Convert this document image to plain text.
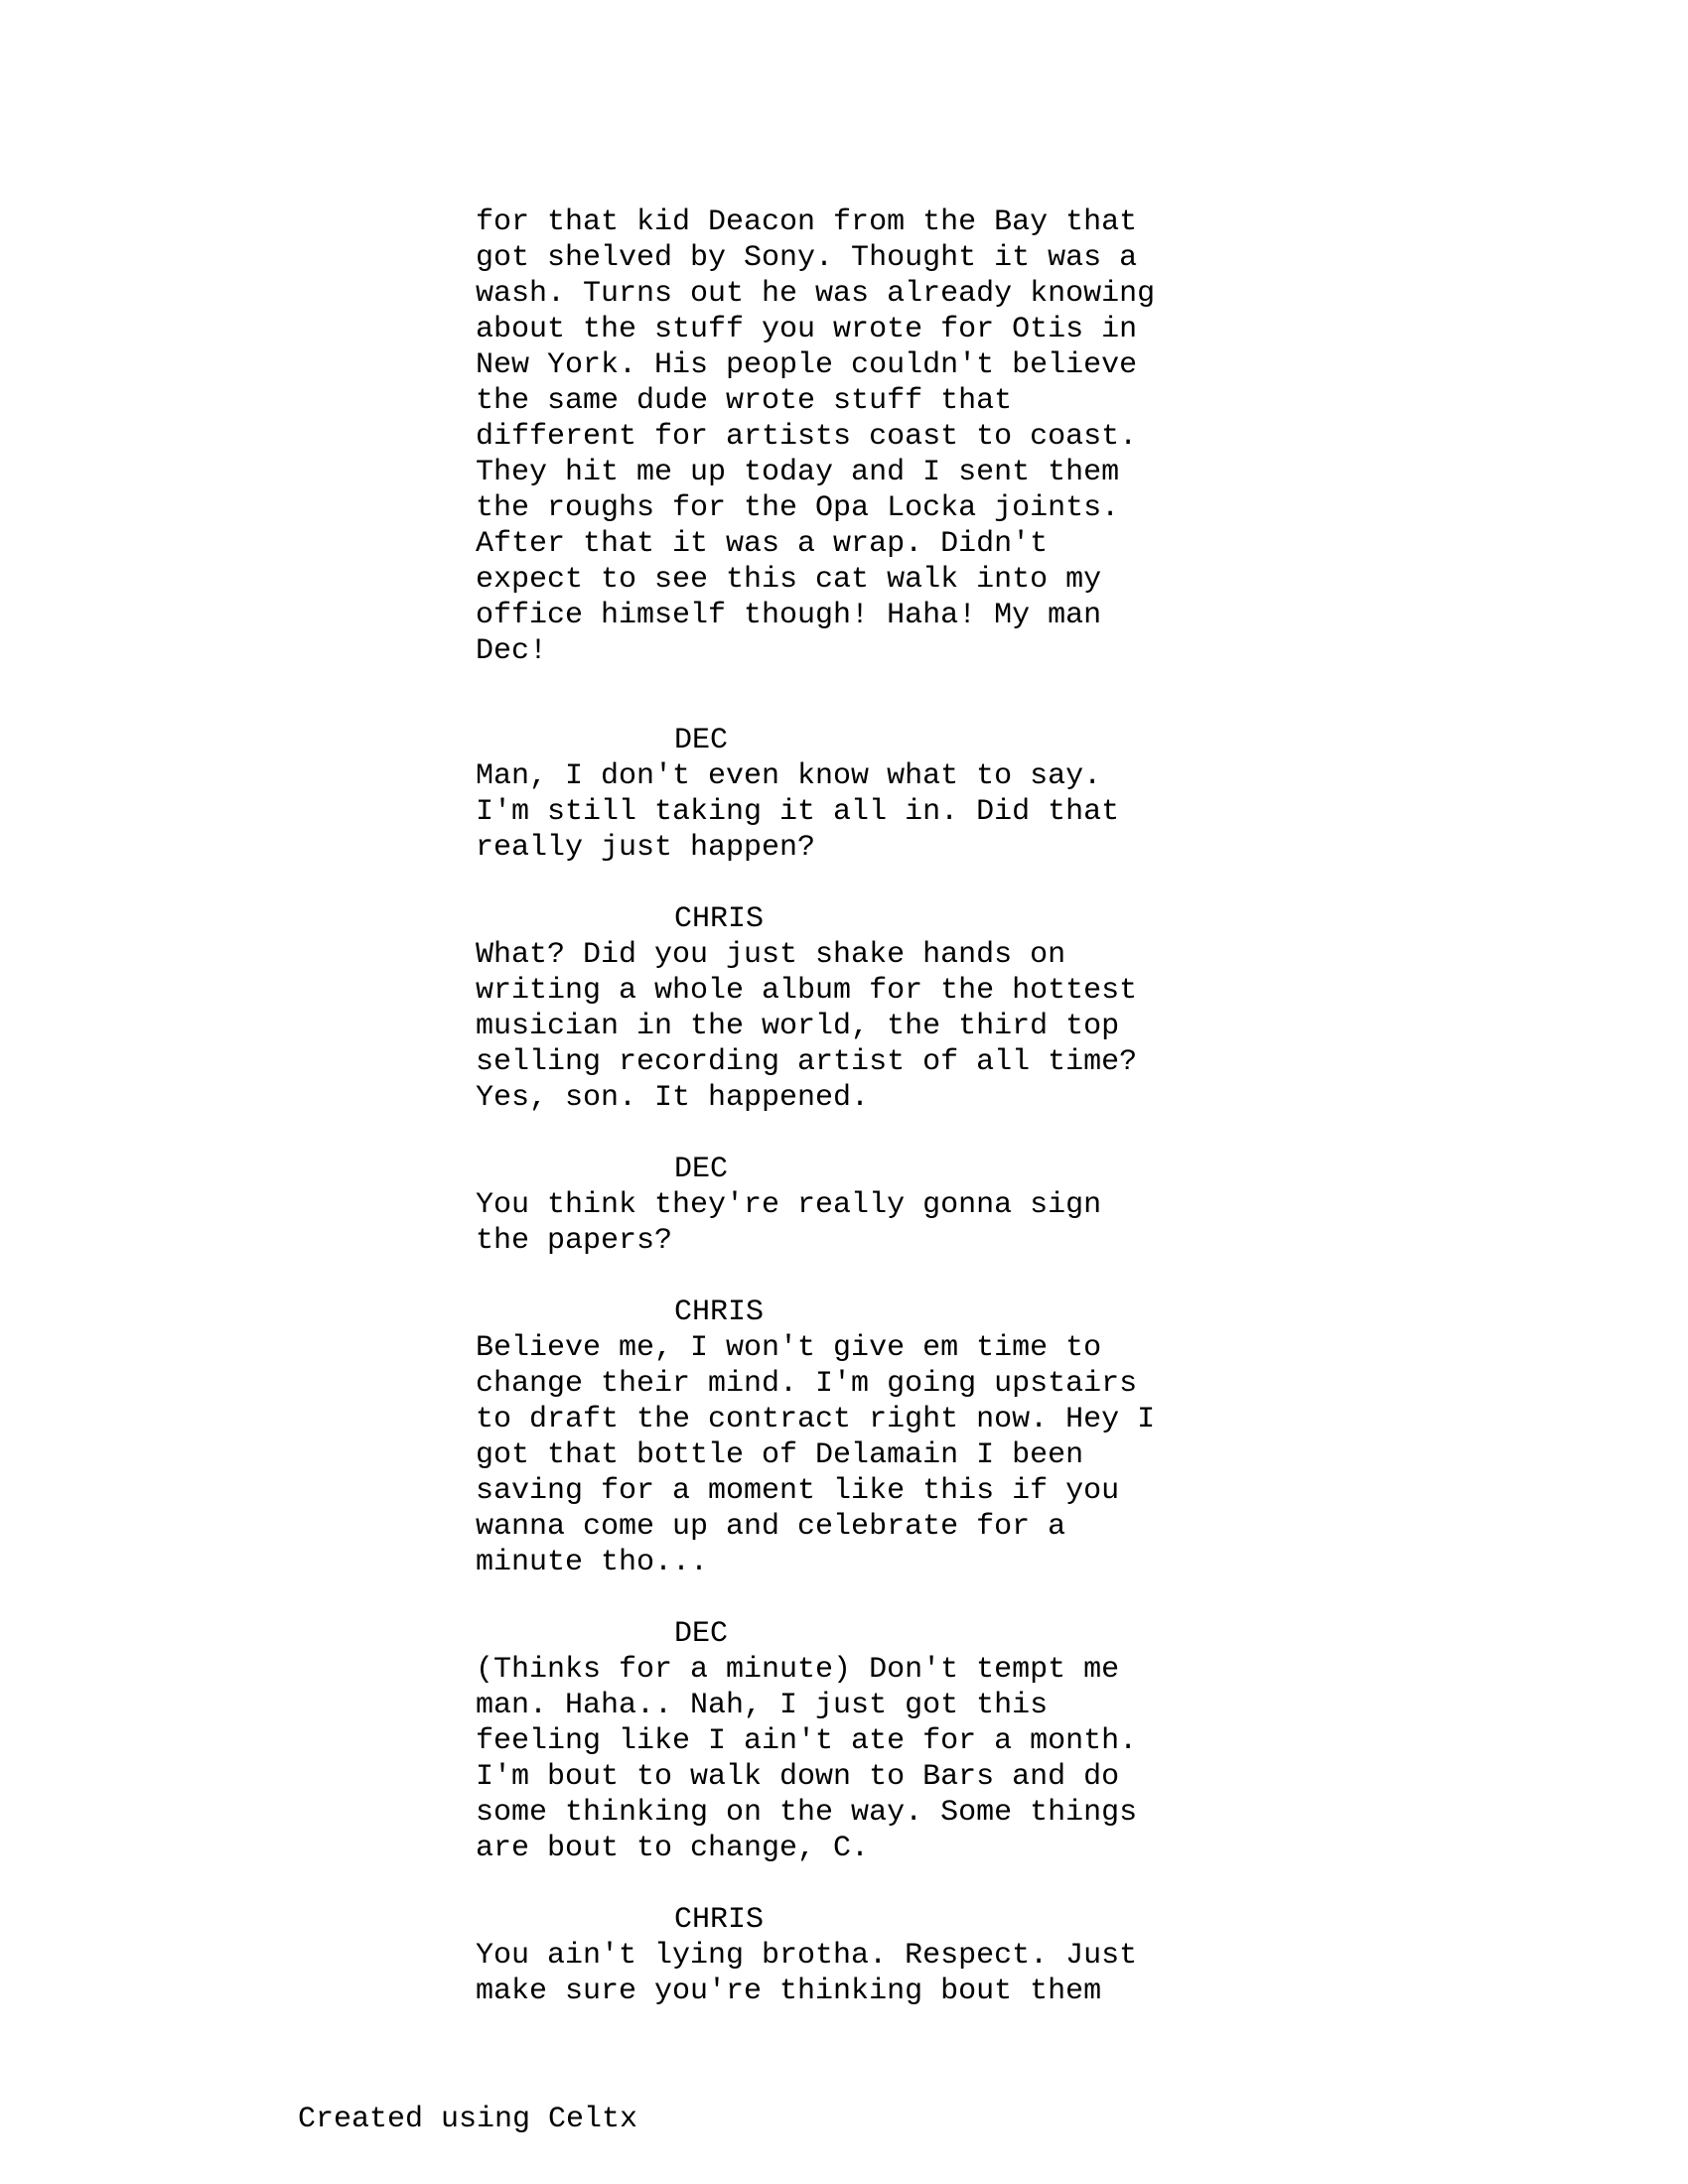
for that kid Deacon from the Bay that
got shelved by Sony. Thought it was a
wash. Turns out he was already knowing
about the stuff you wrote for Otis in
New York. His people couldn't believe
the same dude wrote stuff that
different for artists coast to coast.
They hit me up today and I sent them
the roughs for the Opa Locka joints.
After that it was a wrap. Didn't
expect to see this cat walk into my
office himself though! Haha! My man
Dec!
DEC
Man, I don't even know what to say.
I'm still taking it all in. Did that
really just happen?
CHRIS
What? Did you just shake hands on
writing a whole album for the hottest
musician in the world, the third top
selling recording artist of all time?
Yes, son. It happened.
DEC
You think they're really gonna sign
the papers?
CHRIS
Believe me, I won't give em time to
change their mind. I'm going upstairs
to draft the contract right now. Hey I
got that bottle of Delamain I been
saving for a moment like this if you
wanna come up and celebrate for a
minute tho...
DEC
(Thinks for a minute) Don't tempt me
man. Haha.. Nah, I just got this
feeling like I ain't ate for a month.
I'm bout to walk down to Bars and do
some thinking on the way. Some things
are bout to change, C.
CHRIS
You ain't lying brotha. Respect. Just
make sure you're thinking bout them
Created using Celtx
